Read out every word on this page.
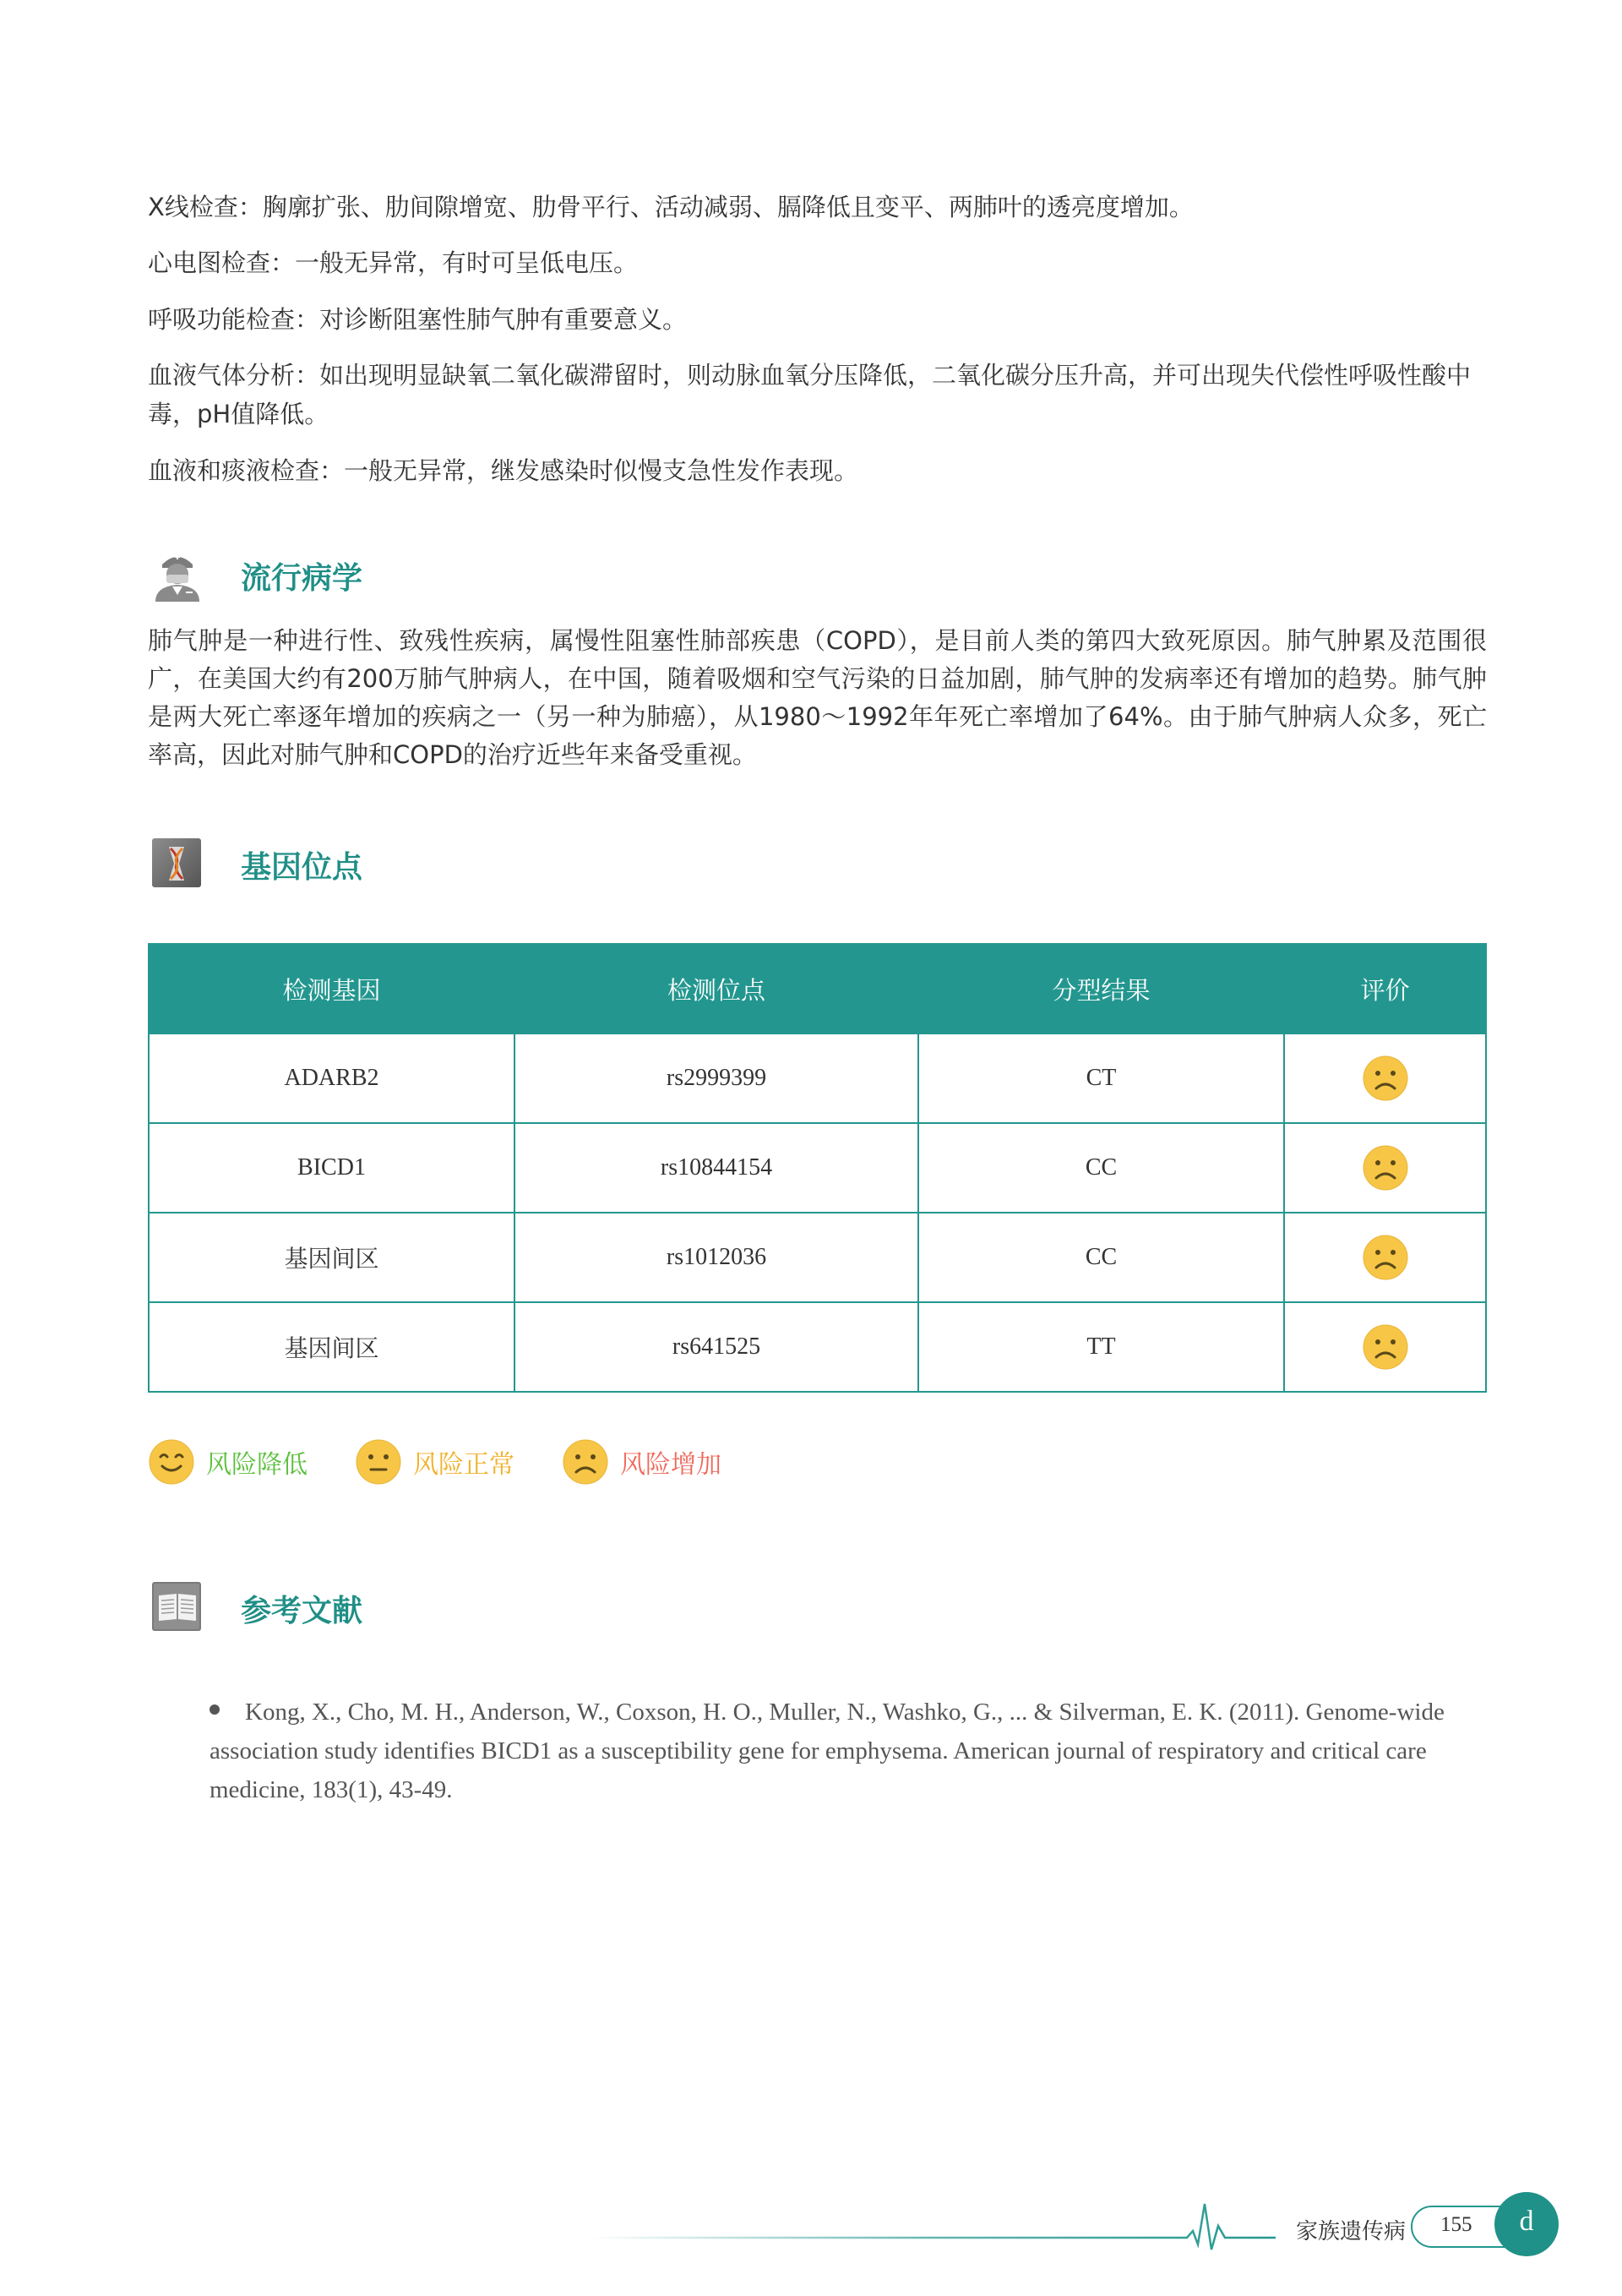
X线检查：胸廓扩张、肋间隙增宽、肋骨平行、活动减弱、膈降低且变平、两肺叶的透亮度增加。

心电图检查：一般无异常，有时可呈低电压。

呼吸功能检查：对诊断阻塞性肺气肿有重要意义。

血液气体分析：如出现明显缺氧二氧化碳滞留时，则动脉血氧分压降低，二氧化碳分压升高，并可出现失代偿性呼吸性酸中毒，pH值降低。

血液和痰液检查：一般无异常，继发感染时似慢支急性发作表现。

流行病学

肺气肿是一种进行性、致残性疾病，属慢性阻塞性肺部疾患（COPD），是目前人类的第四大致死原因。肺气肿累及范围很广，在美国大约有200万肺气肿病人，在中国，随着吸烟和空气污染的日益加剧，肺气肿的发病率还有增加的趋势。肺气肿是两大死亡率逐年增加的疾病之一（另一种为肺癌），从1980～1992年年死亡率增加了64%。由于肺气肿病人众多，死亡率高，因此对肺气肿和COPD的治疗近些年来备受重视。

基因位点
检测基因	检测位点	分型结果	评价
ADARB2	rs2999399	CT	
BICD1	rs10844154	CC	
基因间区	rs1012036	CC	
基因间区	rs641525	TT	
风险降低	风险正常	风险增加
参考文献

Kong, X., Cho, M. H., Anderson, W., Coxson, H. O., Muller, N., Washko, G., ... & Silverman, E. K. (2011). Genome-wide association study identifies BICD1 as a susceptibility gene for emphysema. American journal of respiratory and critical care medicine, 183(1), 43-49.

家族遗传病 155	d
